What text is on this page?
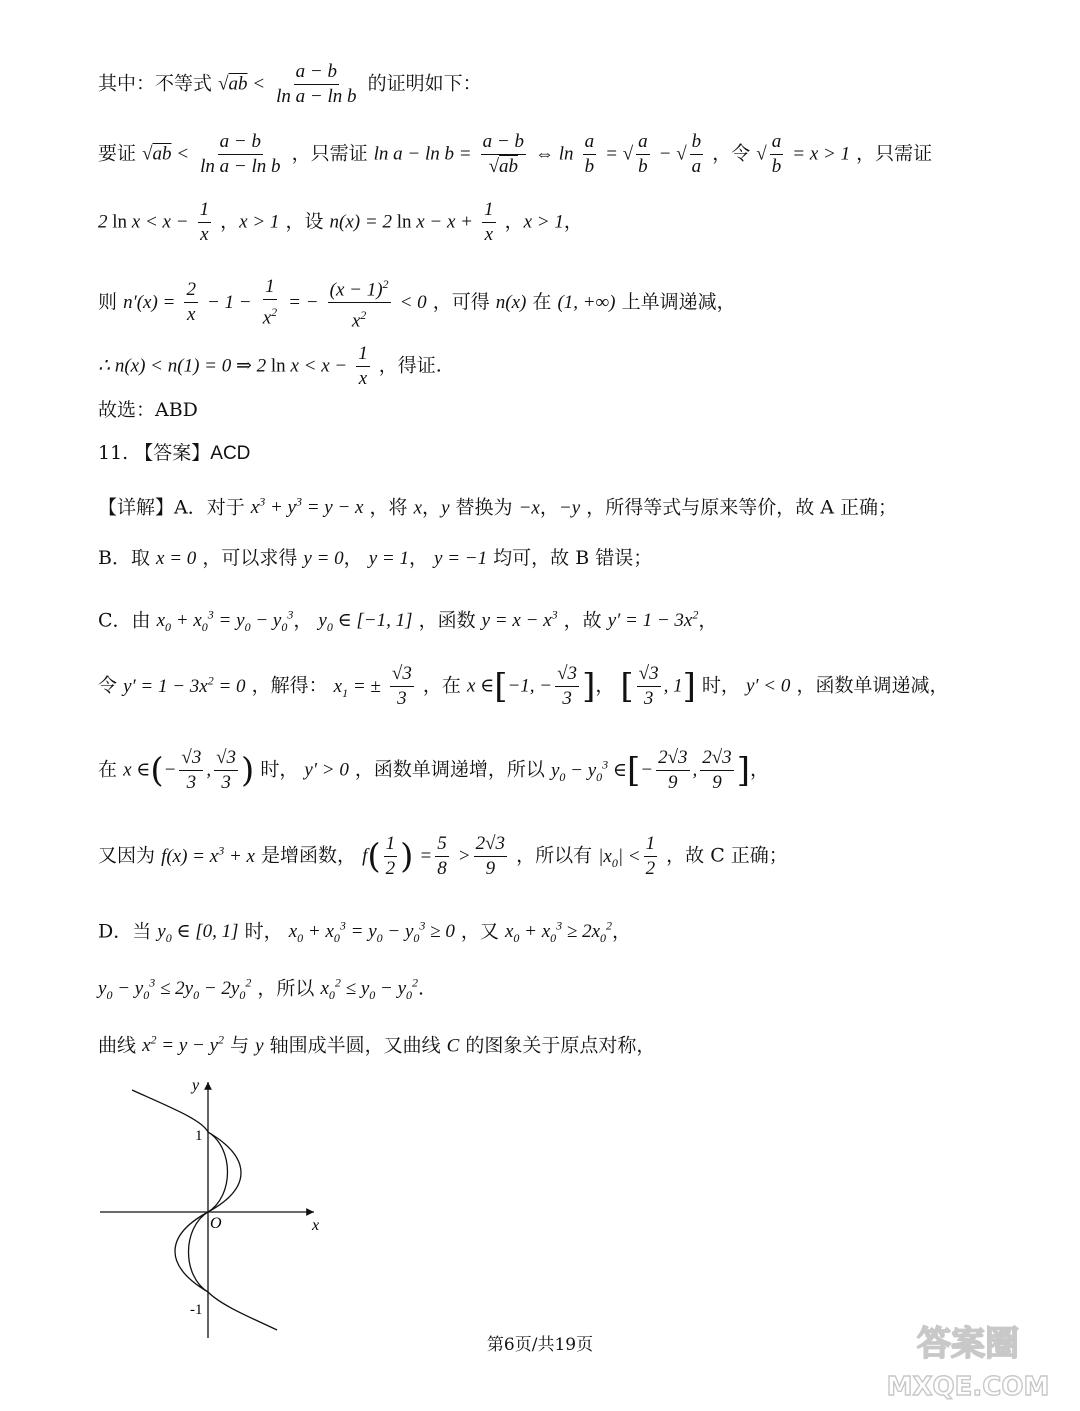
其中：不等式 $√ab < \frac{a - b}{\text{ln a − ln b}}$ 的证明如下：
要证 $√ab < \frac{a - b}{\text{ln a − ln b}}$ ，只需证 $\ln a - \ln b = \frac{a - b}{√ab}$ ⇔ $\ln \frac{a}{b}$ = √ $\frac{a}{b}$ − √ $\frac{b}{a}$ ，令 √ $\frac{a}{b} = x > 1$ ，只需证
2 $\ln x < x - \frac{1}{x}$ ，x > 1 ，设 n(x) = 2 $\ln x - x + \frac{1}{x}$ ，x > 1，
则 $n'(x) = \frac{2}{x} - 1 - \frac{1}{x^2}$ = − $\frac{(x - 1)^2}{x^2} < 0$ ，可得 n(x) 在 (1, +∞) 上单调递减，
∴ n(x) < n(1) = 0 ⇒ 2 $\ln x < x - \frac{1}{x}$ ，得证.
故选：ABD
11. 【答案】ACD
【详解】A．对于 $x^3 + y^3 = y - x$ ，将 x，y 替换为 −x，−y ，所得等式与原来等价，故 A 正确；
B．取 x = 0 ，可以求得 y = 0， y = 1， y = −1 均可，故 B 错误；
C．由 $x_0 + x_0^3 = y_0 - y_0^3$， $y_0$ ∈ [−1, 1] ，函数 $y = x - x^3$ ，故 $y' = 1 - 3x^2$，
令 $y' = 1 - 3x^2 = 0$ ，解得： $x_1$ = ± $\frac{√3}{3}$ ，在 x ∈[−1, − $\frac{√3}{3}$ ]， [ $\frac{√3}{3}$ , 1] 时， y′ < 0 ，函数单调递减，
在 x ∈(− $\frac{√3}{3}$ , $\frac{√3}{3}$ ) 时， y′ > 0 ，函数单调递增，所以 $y_0 - y_0^3$ ∈[− $\frac{2√3}{9}$ , $\frac{2√3}{9}$ ]，
又因为 $f(x) = x^3 + x$ 是增函数， $f( \frac{1}{2}$ ) = $\frac{5}{8} > \frac{2√3}{9}$ ，所以有 $|x_0| < \frac{1}{2}$ ，故 C 正确；
D．当 $y_0$ ∈ [0, 1] 时， $x_0 + x_0^3 = y_0 - y_0^3 \ge 0$ ，又 $x_0 + x_0^3 \ge 2x_0^2$，
$y_0 - y_0^3 \le 2y_0 - 2y_0^2$ ，所以 $x_0^2 \le y_0 - y_0^2$.
曲线 $x^2 = y - y^2$ 与 y 轴围成半圆，又曲线 C 的图象关于原点对称，
y
x
O
1
-1
第6页/共19页	答案圈
MXQE.COM
